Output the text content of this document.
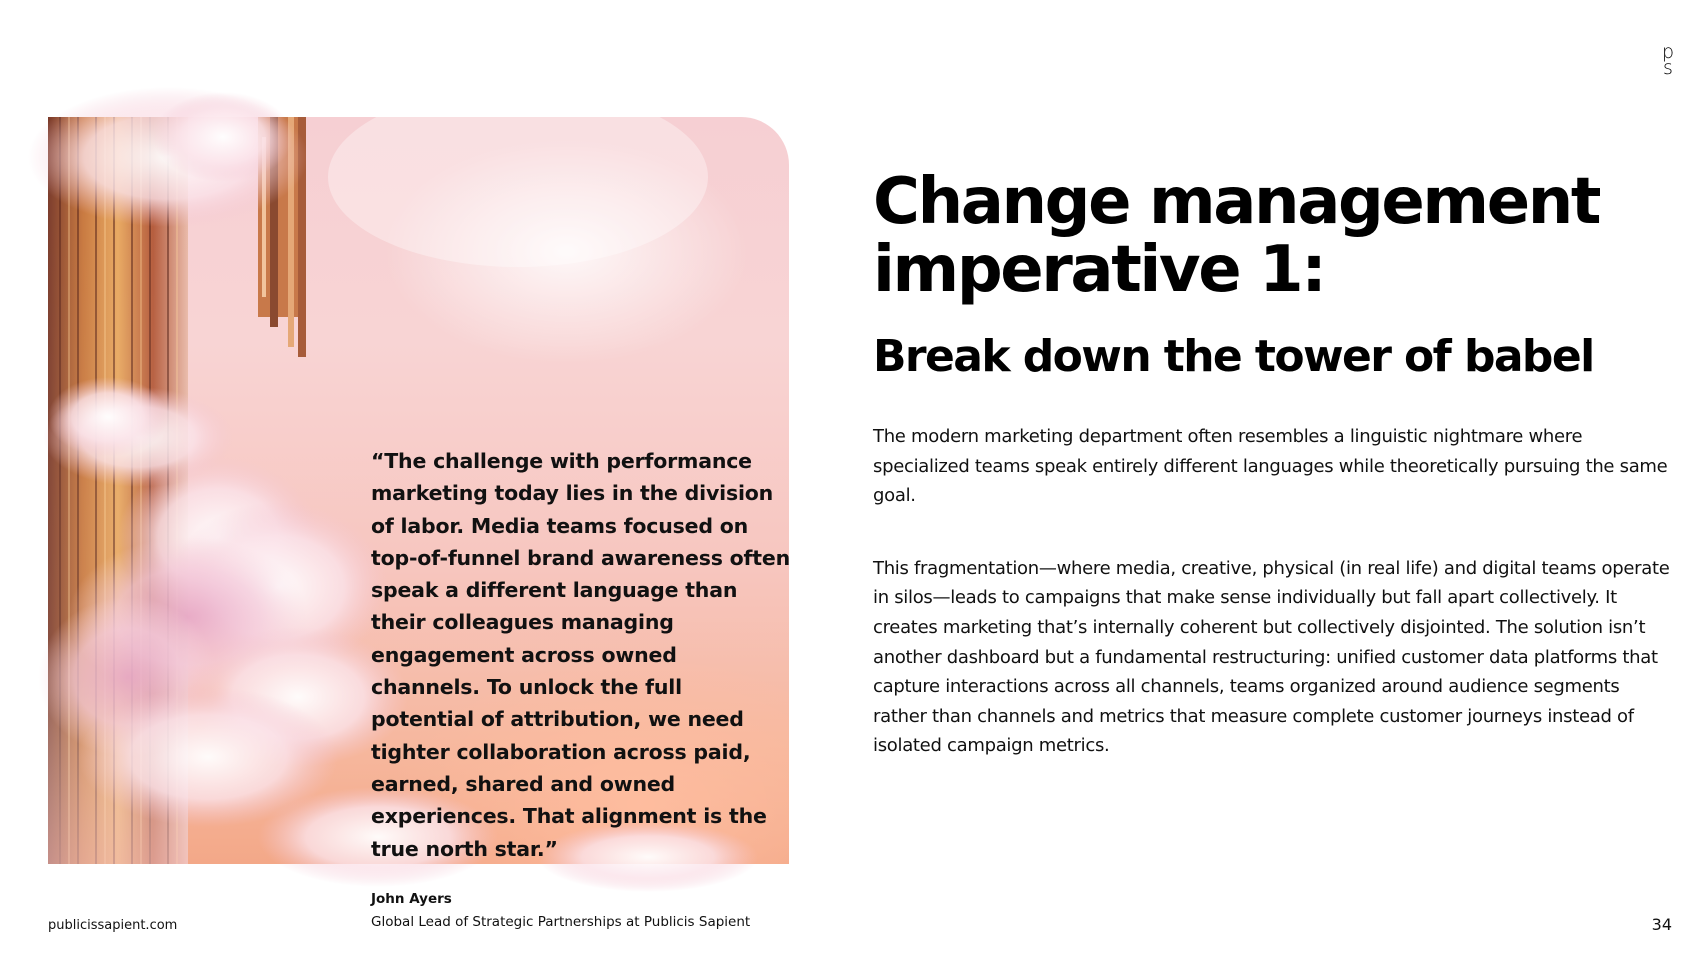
p
s

“The challenge with performance marketing today lies in the division of labor. Media teams focused on top-of-funnel brand awareness often speak a different language than their colleagues managing engagement across owned channels. To unlock the full potential of attribution, we need tighter collaboration across paid, earned, shared and owned experiences. That alignment is the true north star.”

John Ayers

Global Lead of Strategic Partnerships at Publicis Sapient

Change management imperative 1:
Break down the tower of babel

The modern marketing department often resembles a linguistic nightmare where specialized teams speak entirely different languages while theoretically pursuing the same goal.

This fragmentation—where media, creative, physical (in real life) and digital teams operate in silos—leads to campaigns that make sense individually but fall apart collectively. It creates marketing that’s internally coherent but collectively disjointed. The solution isn’t another dashboard but a fundamental restructuring: unified customer data platforms that capture interactions across all channels, teams organized around audience segments rather than channels and metrics that measure complete customer journeys instead of isolated campaign metrics.

publicissapient.com	34
